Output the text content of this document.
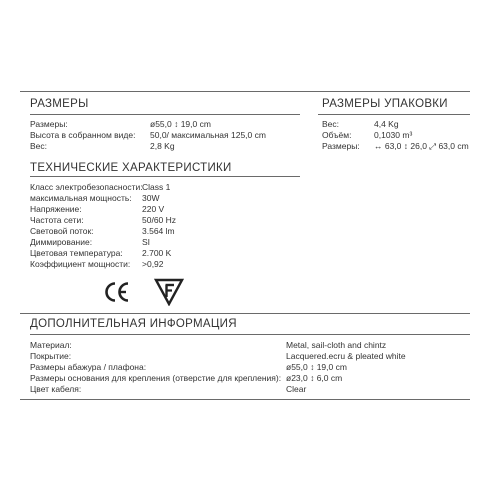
РАЗМЕРЫ
Размеры:	ø55,0 ↕ 19,0 cm
Высота в собранном виде: 50,0/ максимальная 125,0 cm
Вес:	2,8 Kg
РАЗМЕРЫ УПАКОВКИ
Вес:	4,4 Kg
Объём:	0,1030 m³
Размеры: ↔ 63,0 ↕ 26,0 ⤢ 63,0 cm
ТЕХНИЧЕСКИЕ ХАРАКТЕРИСТИКИ
Класс электробезопасности: Class 1
максимальная мощность: 30W
Напряжение:	220 V
Частота сети:	50/60 Hz
Световой поток:	3.564 lm
Диммирование:	SI
Цветовая температура: 2.700 K
Коэффициент мощности: >0,92
ДОПОЛНИТЕЛЬНАЯ ИНФОРМАЦИЯ
Материал:	Metal, sail-cloth and chintz
Покрытие:	Lacquered.ecru & pleated white
Размеры абажура / плафона:	ø55,0 ↕ 19,0 cm
Размеры основания для крепления (отверстие для крепления): ø23,0 ↕ 6,0 cm
Цвет кабеля:	Clear
